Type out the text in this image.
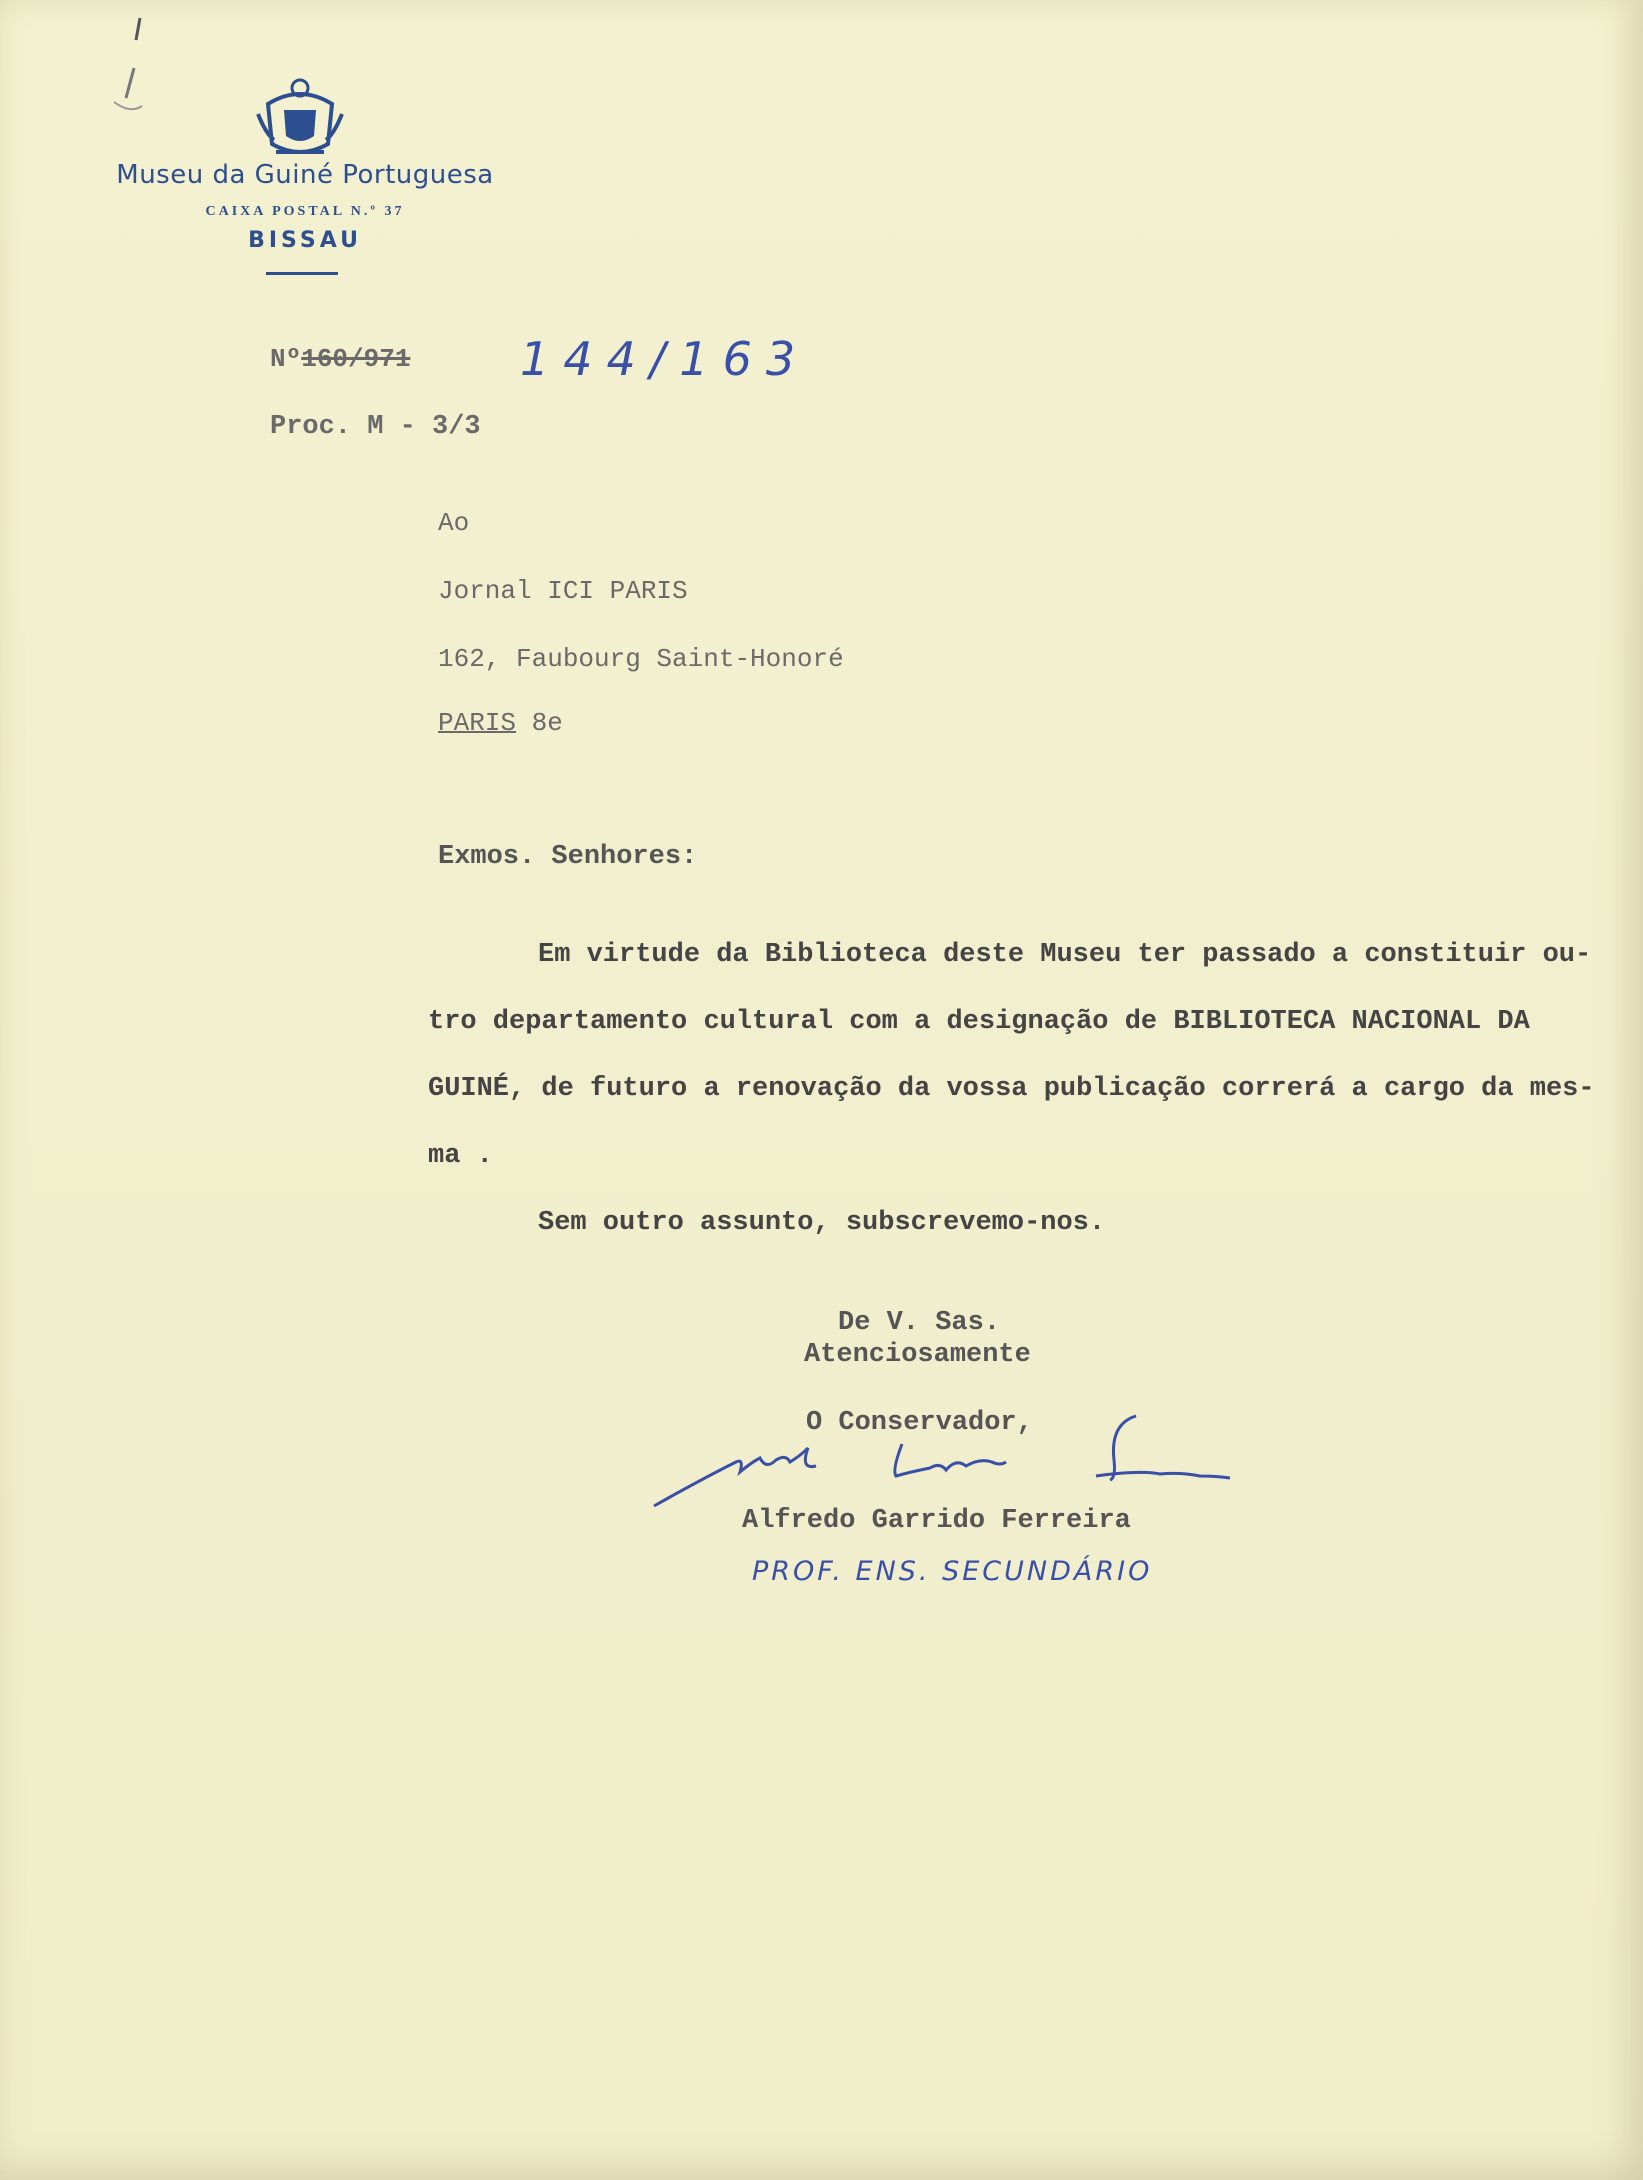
Museu da Guiné Portuguesa
CAIXA POSTAL N.º 37
BISSAU
Nº160/971 144/163
Proc. M - 3/3
Ao
Jornal ICI PARIS
162, Faubourg Saint-Honoré
PARIS 8e
Exmos. Senhores:
Em virtude da Biblioteca deste Museu ter passado a constituir ou-
tro departamento cultural com a designação de BIBLIOTECA NACIONAL DA
GUINÉ, de futuro a renovação da vossa publicação correrá a cargo da mes-
ma .
Sem outro assunto, subscrevemo-nos.
De V. Sas.
Atenciosamente
O Conservador,
Alfredo Garrido Ferreira
PROF. ENS. SECUNDÁRIO
